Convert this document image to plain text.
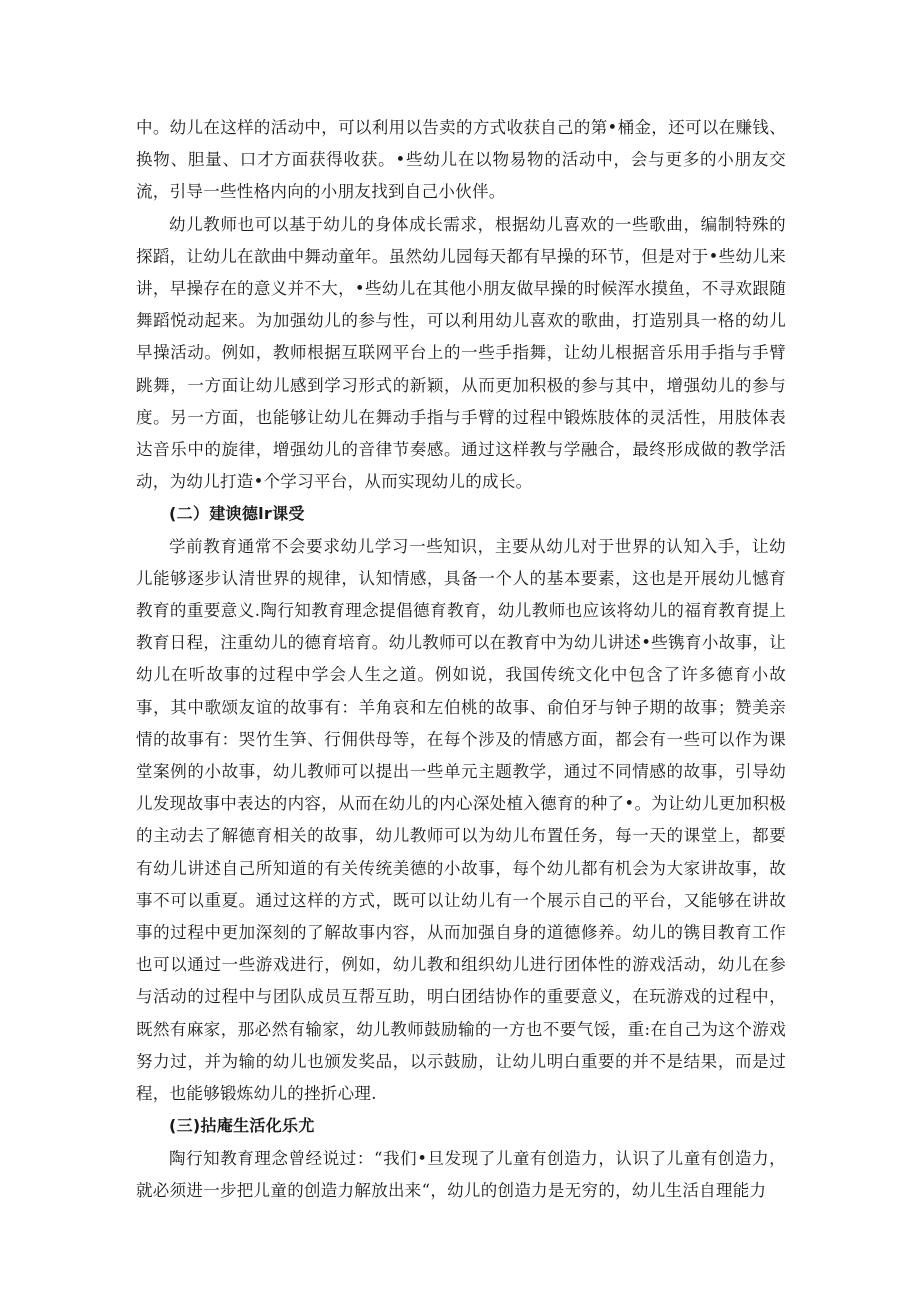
中。幼儿在这样的活动中，可以利用以告卖的方式收获自己的第•桶金，还可以在赚钱、换物、胆量、口才方面获得收获。•些幼儿在以物易物的活动中，会与更多的小朋友交流，引导一些性格内向的小朋友找到自己小伙伴。

幼儿教师也可以基于幼儿的身体成长需求，根据幼儿喜欢的一些歌曲，编制特殊的探蹈，让幼儿在歆曲中舞动童年。虽然幼儿园每天都有早操的环节，但是对于•些幼儿来讲，早操存在的意义并不大，•些幼儿在其他小朋友做早操的时候浑水摸鱼，不寻欢跟随舞蹈悦动起来。为加强幼儿的参与性，可以利用幼儿喜欢的歌曲，打造别具一格的幼儿早操活动。例如，教师根据互联网平台上的一些手指舞，让幼儿根据音乐用手指与手臂跳舞，一方面让幼儿感到学习形式的新颖，从而更加积极的参与其中，增强幼儿的参与度。另一方面，也能够让幼儿在舞动手指与手臂的过程中锻炼肢体的灵活性，用肢体表达音乐中的旋律，增强幼儿的音律节奏感。通过这样教与学融合，最终形成做的教学活动，为幼儿打造•个学习平台，从而实现幼儿的成长。

(二）建谀德lr课受

学前教育通常不会要求幼儿学习一些知识，主要从幼儿对于世界的认知入手，让幼儿能够逐步认清世界的规律，认知情感，具备一个人的基本要素，这也是开展幼儿憾育教育的重要意义.陶行知教育理念提倡德育教育，幼儿教师也应该将幼儿的福育教育提上教育日程，注重幼儿的德育培育。幼儿教师可以在教育中为幼儿讲述•些镌育小故事，让幼儿在听故事的过程中学会人生之道。例如说，我国传统文化中包含了许多德育小故事，其中歌颂友谊的故事有：羊角哀和左伯桃的故事、俞伯牙与钟子期的故事；赞美亲情的故事有：哭竹生笋、行佣供母等，在每个涉及的情感方面，都会有一些可以作为课堂案例的小故事，幼儿教师可以提出一些单元主题教学，通过不同情感的故事，引导幼儿发现故事中表达的内容，从而在幼儿的内心深处植入德育的种了•。为让幼儿更加积极的主动去了解德育相关的故事，幼儿教师可以为幼儿布置任务，每一天的课堂上，都要有幼儿讲述自己所知道的有关传统美德的小故事，每个幼儿都有机会为大家讲故事，故事不可以重夏。通过这样的方式，既可以让幼儿有一个展示自己的平台，又能够在讲故事的过程中更加深刻的了解故事内容，从而加强自身的道德修养。幼儿的镌目教育工作也可以通过一些游戏进行，例如，幼儿教和组织幼儿进行团体性的游戏活动，幼儿在参与活动的过程中与团队成员互帮互助，明白团结协作的重要意义，在玩游戏的过程中，既然有麻家，那必然有输家，幼儿教师鼓励输的一方也不要气馁，重:在自己为这个游戏努力过，并为输的幼儿也颁发奖品，以示鼓励，让幼儿明白重要的并不是结果，而是过程，也能够锻炼幼儿的挫折心理.

(三)拈庵生活化乐尤

陶行知教育理念曾经说过：“我们•旦发现了儿童有创造力，认识了儿童有创造力，就必须进一步把儿童的创造力解放出来“，幼儿的创造力是无穷的，幼儿生活自理能力
